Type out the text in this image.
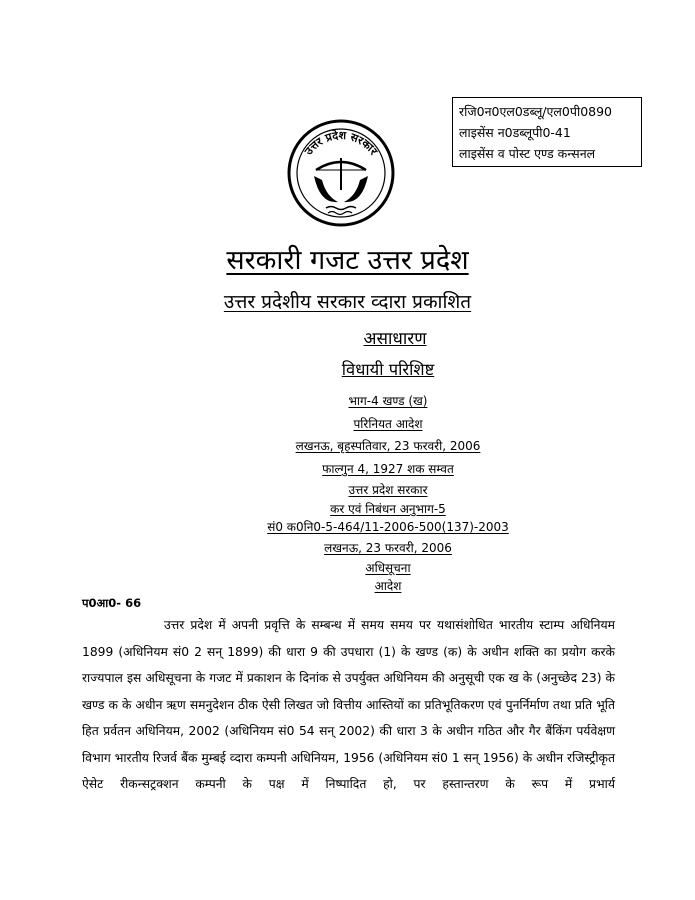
रजि0न0एल0डब्लू/एल0पी0890
लाइसेंस न0डब्लूपी0-41
लाइसेंस व पोस्ट एण्ड कन्सनल
उत्तर प्रदेश सरकार
सरकारी गजट उत्तर प्रदेश
उत्तर प्रदेशीय सरकार व्दारा प्रकाशित
असाधारण
विधायी परिशिष्ट
भाग-4 खण्ड (ख)
परिनियत आदेश
लखनऊ, बृहस्पतिवार, 23 फरवरी, 2006
फाल्गुन 4, 1927 शक सम्वत
उत्तर प्रदेश सरकार
कर एवं निबंधन अनुभाग-5
सं0 क0नि0-5-464/11-2006-500(137)-2003
लखनऊ, 23 फरवरी, 2006
अधिसूचना
आदेश
प0आ0- 66

उत्तर प्रदेश में अपनी प्रवृत्ति के सम्बन्ध में समय समय पर यथासंशोधित भारतीय स्टाम्प अधिनियम 1899 (अधिनियम सं0 2 सन् 1899) की धारा 9 की उपधारा (1) के खण्ड (क) के अधीन शक्ति का प्रयोग करके राज्यपाल इस अधिसूचना के गजट में प्रकाशन के दिनांक से उपर्युक्त अधिनियम की अनुसूची एक ख के (अनुच्छेद 23) के खण्ड क के अधीन ऋण समनुदेशन ठीक ऐसी लिखत जो वित्तीय आस्तियों का प्रतिभूतिकरण एवं पुनर्निर्माण तथा प्रति भूति हित प्रर्वतन अधिनियम, 2002 (अधिनियम सं0 54 सन् 2002) की धारा 3 के अधीन गठित और गैर बैंकिंग पर्यवेक्षण विभाग भारतीय रिजर्व बैंक मुम्बई व्दारा कम्पनी अधिनियम, 1956 (अधिनियम सं0 1 सन् 1956) के अधीन रजिस्ट्रीकृत ऐसेट रीकन्सट्रक्शन कम्पनी के पक्ष में निष्पादित हो, पर हस्तान्तरण के रूप में प्रभार्य
